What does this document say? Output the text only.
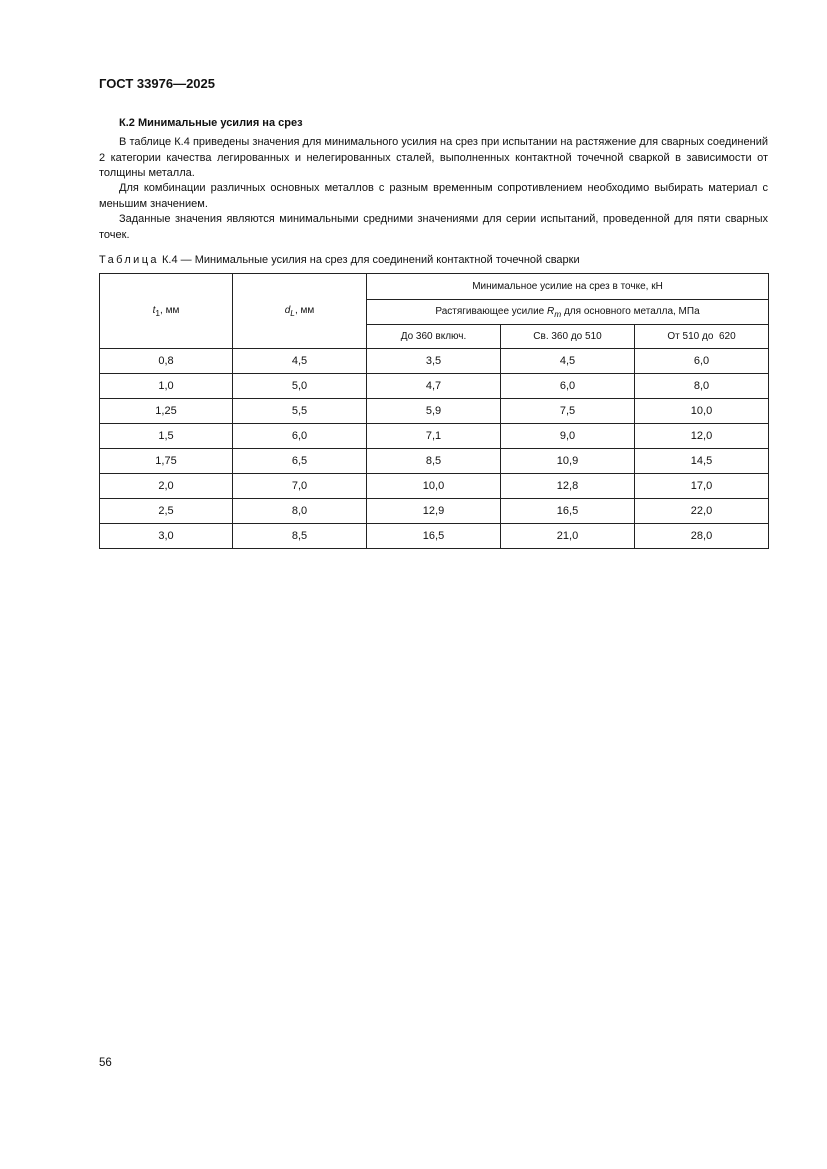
ГОСТ 33976—2025
К.2 Минимальные усилия на срез
В таблице К.4 приведены значения для минимального усилия на срез при испытании на растяжение для сварных соединений 2 категории качества легированных и нелегированных сталей, выполненных контактной точечной сваркой в зависимости от толщины металла.
Для комбинации различных основных металлов с разным временным сопротивлением необходимо выбирать материал с меньшим значением.
Заданные значения являются минимальными средними значениями для серии испытаний, проведенной для пяти сварных точек.
Таблица К.4 — Минимальные усилия на срез для соединений контактной точечной сварки
$t_1$, мм	$d_L$, мм	Минимальное усилие на срез в точке, кН		
		Растягивающее усилие $R_m$ для основного металла, МПа		
		До 360 включ.	Св. 360 до 510	От 510 до  620
0,8	4,5	3,5	4,5	6,0
1,0	5,0	4,7	6,0	8,0
1,25	5,5	5,9	7,5	10,0
1,5	6,0	7,1	9,0	12,0
1,75	6,5	8,5	10,9	14,5
2,0	7,0	10,0	12,8	17,0
2,5	8,0	12,9	16,5	22,0
3,0	8,5	16,5	21,0	28,0
56
